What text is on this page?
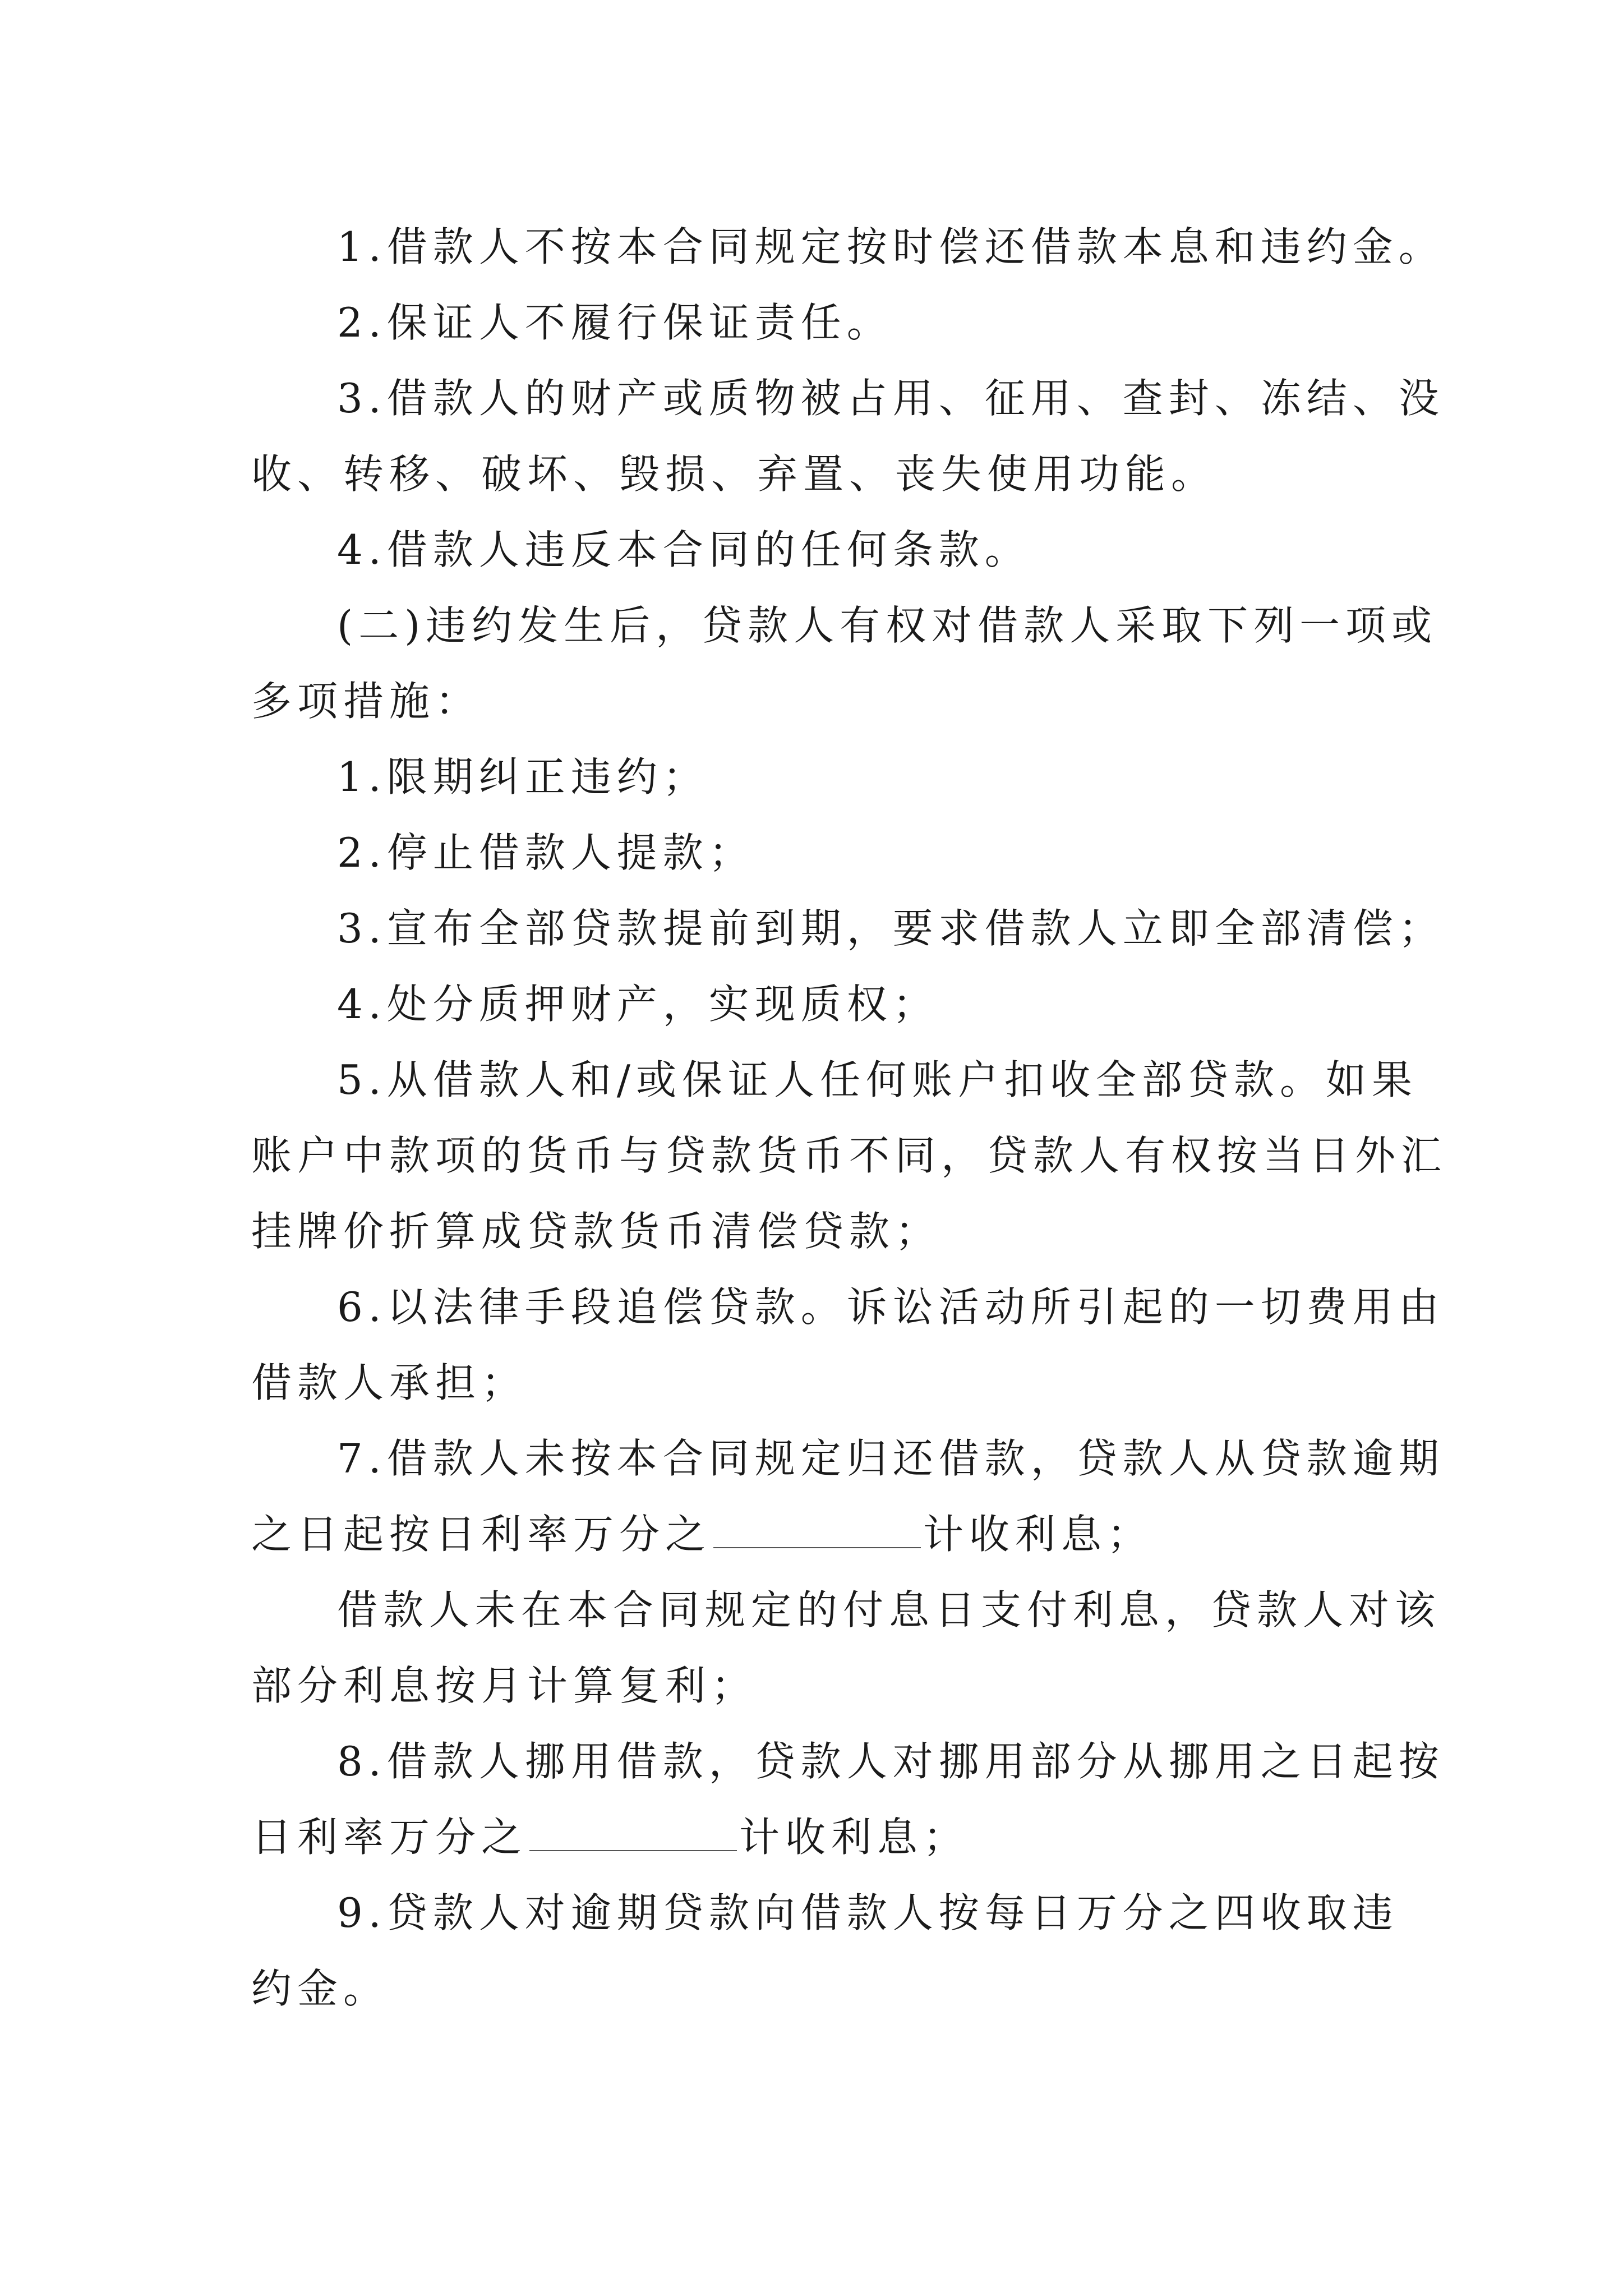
1.借款人不按本合同规定按时偿还借款本息和违约金。
2.保证人不履行保证责任。
3.借款人的财产或质物被占用、征用、查封、冻结、没
收、转移、破坏、毁损、弃置、丧失使用功能。
4.借款人违反本合同的任何条款。
(二)违约发生后，贷款人有权对借款人采取下列一项或
多项措施：
1.限期纠正违约；
2.停止借款人提款；
3.宣布全部贷款提前到期，要求借款人立即全部清偿；
4.处分质押财产，实现质权；
5.从借款人和/或保证人任何账户扣收全部贷款。如果
账户中款项的货币与贷款货币不同，贷款人有权按当日外汇
挂牌价折算成贷款货币清偿贷款；
6.以法律手段追偿贷款。诉讼活动所引起的一切费用由
借款人承担；
7.借款人未按本合同规定归还借款，贷款人从贷款逾期
之日起按日利率万分之	计收利息；
借款人未在本合同规定的付息日支付利息，贷款人对该
部分利息按月计算复利；
8.借款人挪用借款，贷款人对挪用部分从挪用之日起按
日利率万分之	计收利息；
9.贷款人对逾期贷款向借款人按每日万分之四收取违
约金。
